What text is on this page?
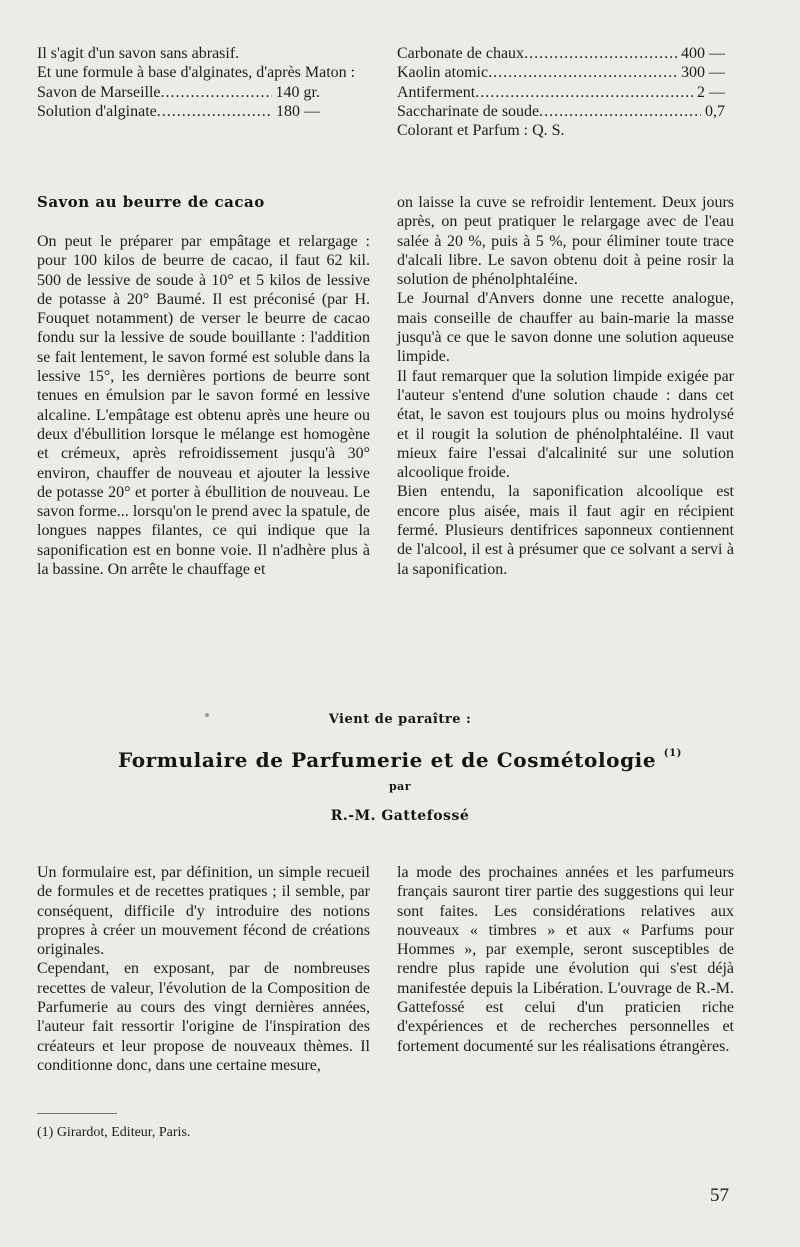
Il s'agit d'un savon sans abrasif.

Et une formule à base d'alginates, d'après Maton :

Savon de Marseille .....	140 gr.
Solution d'alginate .....	180 —
Carbonate de chaux .....	400 —
Kaolin atomic .....	300 —
Antiferment .....	2 —
Saccharinate de soude .....	0,7

Colorant et Parfum : Q. S.

Savon au beurre de cacao

On peut le préparer par empâtage et relargage : pour 100 kilos de beurre de cacao, il faut 62 kil. 500 de lessive de soude à 10° et 5 kilos de lessive de potasse à 20° Baumé. Il est préconisé (par H. Fouquet notamment) de verser le beurre de cacao fondu sur la lessive de soude bouillante : l'addition se fait lentement, le savon formé est soluble dans la lessive 15°, les dernières portions de beurre sont tenues en émulsion par le savon formé en lessive alcaline. L'empâtage est obtenu après une heure ou deux d'ébullition lorsque le mélange est homogène et crémeux, après refroidissement jusqu'à 30° environ, chauffer de nouveau et ajouter la lessive de potasse 20° et porter à ébullition de nouveau. Le savon forme... lorsqu'on le prend avec la spatule, de longues nappes filantes, ce qui indique que la saponification est en bonne voie. Il n'adhère plus à la bassine. On arrête le chauffage et

on laisse la cuve se refroidir lentement. Deux jours après, on peut pratiquer le relargage avec de l'eau salée à 20 %, puis à 5 %, pour éliminer toute trace d'alcali libre. Le savon obtenu doit à peine rosir la solution de phénolphtaléine.

Le Journal d'Anvers donne une recette analogue, mais conseille de chauffer au bain-marie la masse jusqu'à ce que le savon donne une solution aqueuse limpide.

Il faut remarquer que la solution limpide exigée par l'auteur s'entend d'une solution chaude : dans cet état, le savon est toujours plus ou moins hydrolysé et il rougit la solution de phénolphtaléine. Il vaut mieux faire l'essai d'alcalinité sur une solution alcoolique froide.

Bien entendu, la saponification alcoolique est encore plus aisée, mais il faut agir en récipient fermé. Plusieurs dentifrices saponneux contiennent de l'alcool, il est à présumer que ce solvant a servi à la saponification.

Vient de paraître :
Formulaire de Parfumerie et de Cosmétologie $^{(1)}$
par
R.-M. Gattefossé

Un formulaire est, par définition, un simple recueil de formules et de recettes pratiques ; il semble, par conséquent, difficile d'y introduire des notions propres à créer un mouvement fécond de créations originales.

Cependant, en exposant, par de nombreuses recettes de valeur, l'évolution de la Composition de Parfumerie au cours des vingt dernières années, l'auteur fait ressortir l'origine de l'inspiration des créateurs et leur propose de nouveaux thèmes. Il conditionne donc, dans une certaine mesure,

la mode des prochaines années et les parfumeurs français sauront tirer partie des suggestions qui leur sont faites. Les considérations relatives aux nouveaux « timbres » et aux « Parfums pour Hommes », par exemple, seront susceptibles de rendre plus rapide une évolution qui s'est déjà manifestée depuis la Libération. L'ouvrage de R.-M. Gattefossé est celui d'un praticien riche d'expériences et de recherches personnelles et fortement documenté sur les réalisations étrangères.

(1) Girardot, Editeur, Paris.
57
